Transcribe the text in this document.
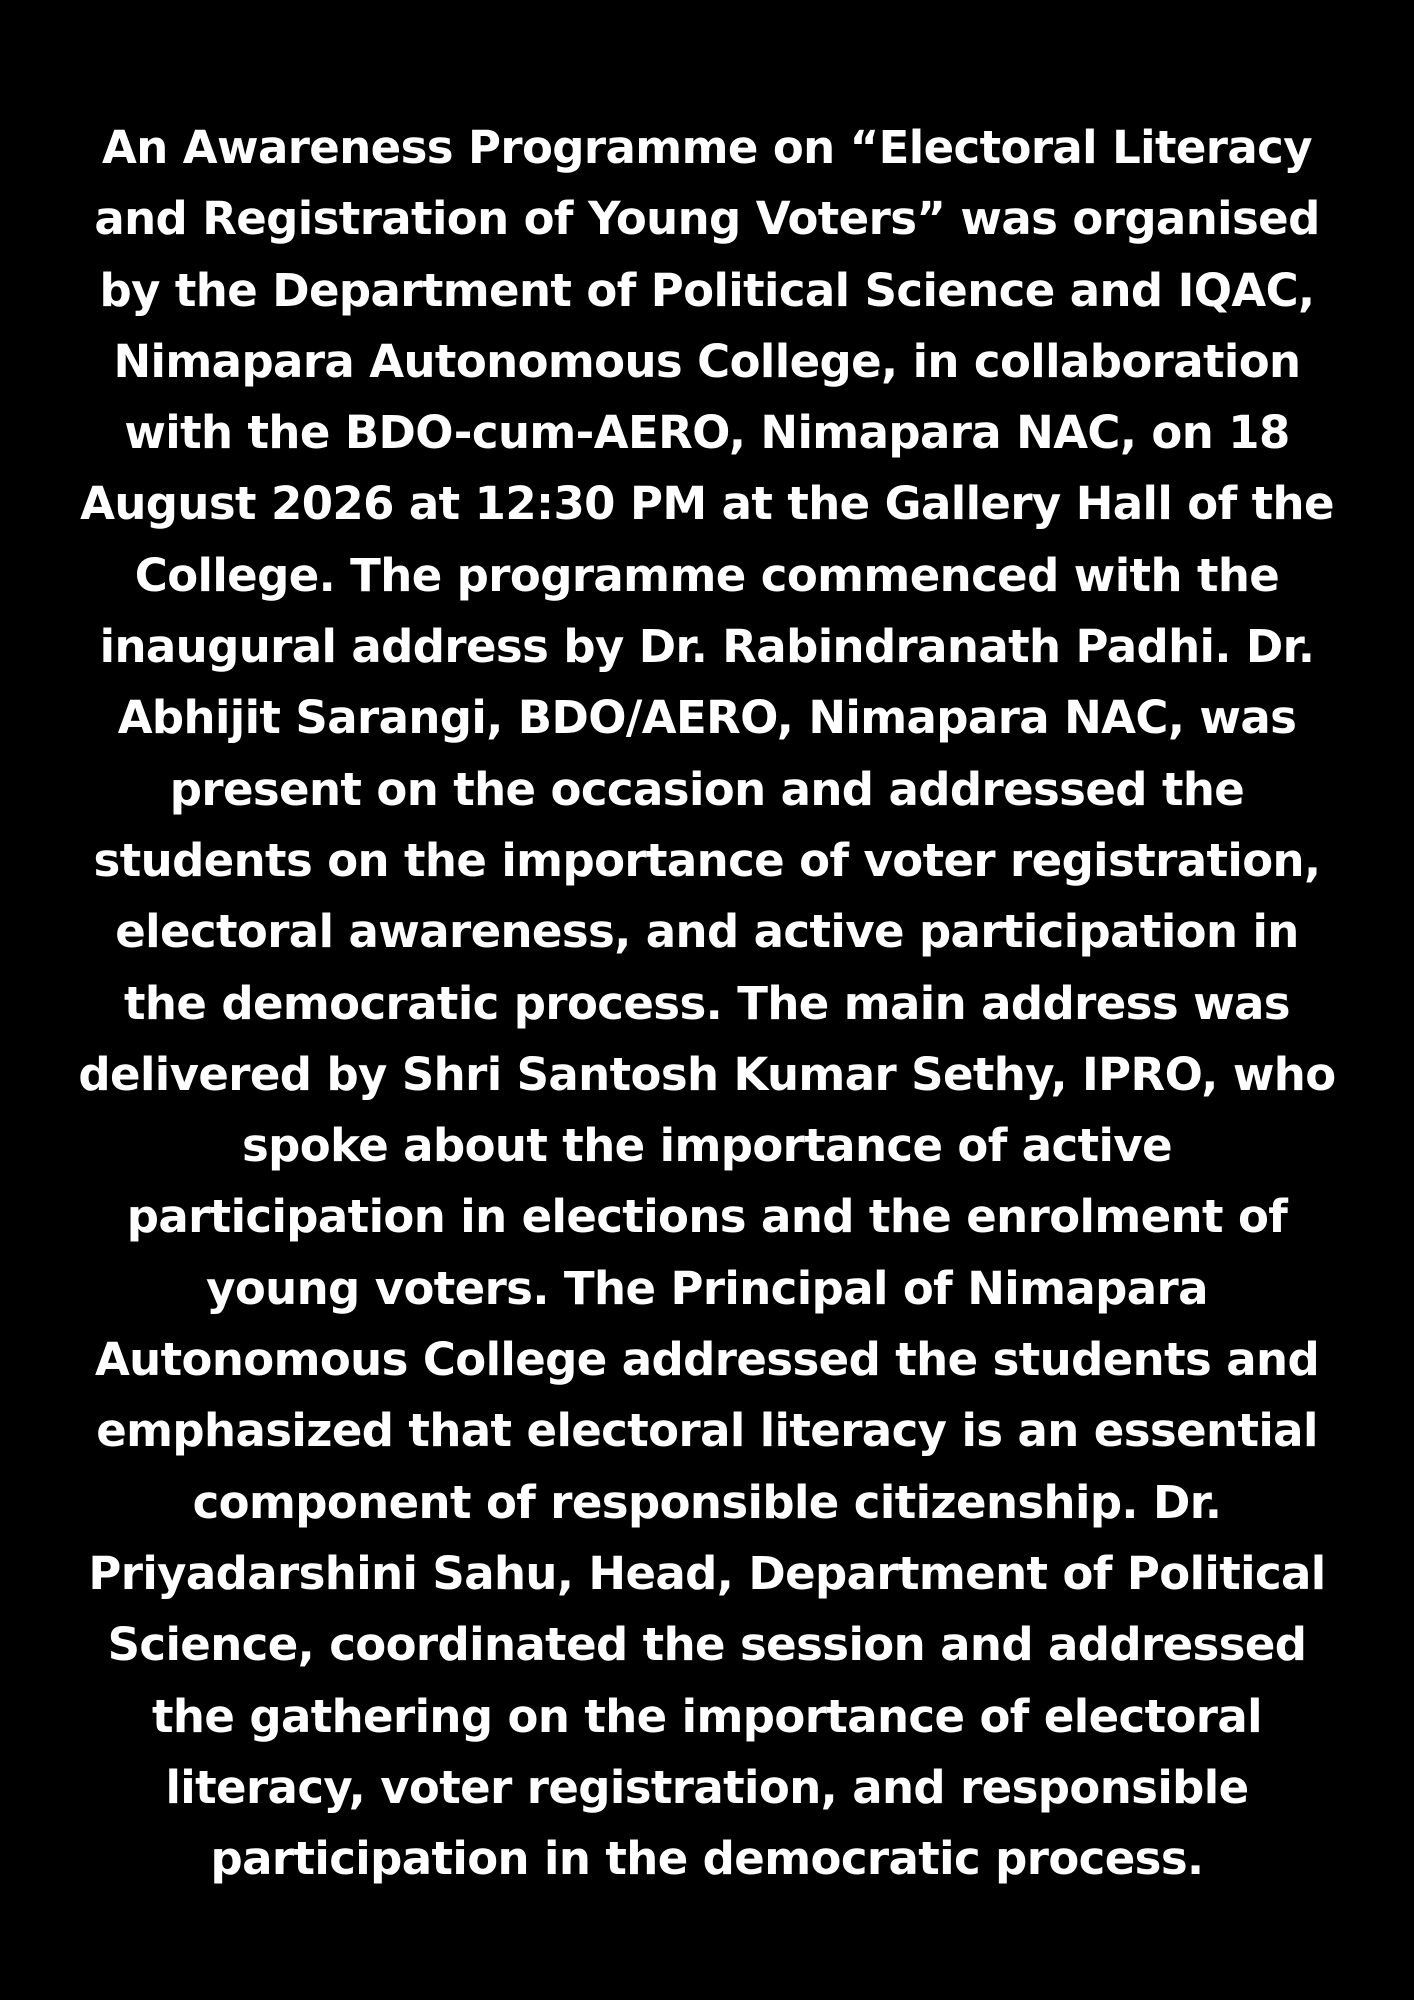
An Awareness Programme on “Electoral Literacy
and Registration of Young Voters” was organised
by the Department of Political Science and IQAC,
Nimapara Autonomous College, in collaboration
with the BDO-cum-AERO, Nimapara NAC, on 18
August 2026 at 12:30 PM at the Gallery Hall of the
College. The programme commenced with the
inaugural address by Dr. Rabindranath Padhi. Dr.
Abhijit Sarangi, BDO/AERO, Nimapara NAC, was
present on the occasion and addressed the
students on the importance of voter registration,
electoral awareness, and active participation in
the democratic process. The main address was
delivered by Shri Santosh Kumar Sethy, IPRO, who
spoke about the importance of active
participation in elections and the enrolment of
young voters. The Principal of Nimapara
Autonomous College addressed the students and
emphasized that electoral literacy is an essential
component of responsible citizenship. Dr.
Priyadarshini Sahu, Head, Department of Political
Science, coordinated the session and addressed
the gathering on the importance of electoral
literacy, voter registration, and responsible
participation in the democratic process.
